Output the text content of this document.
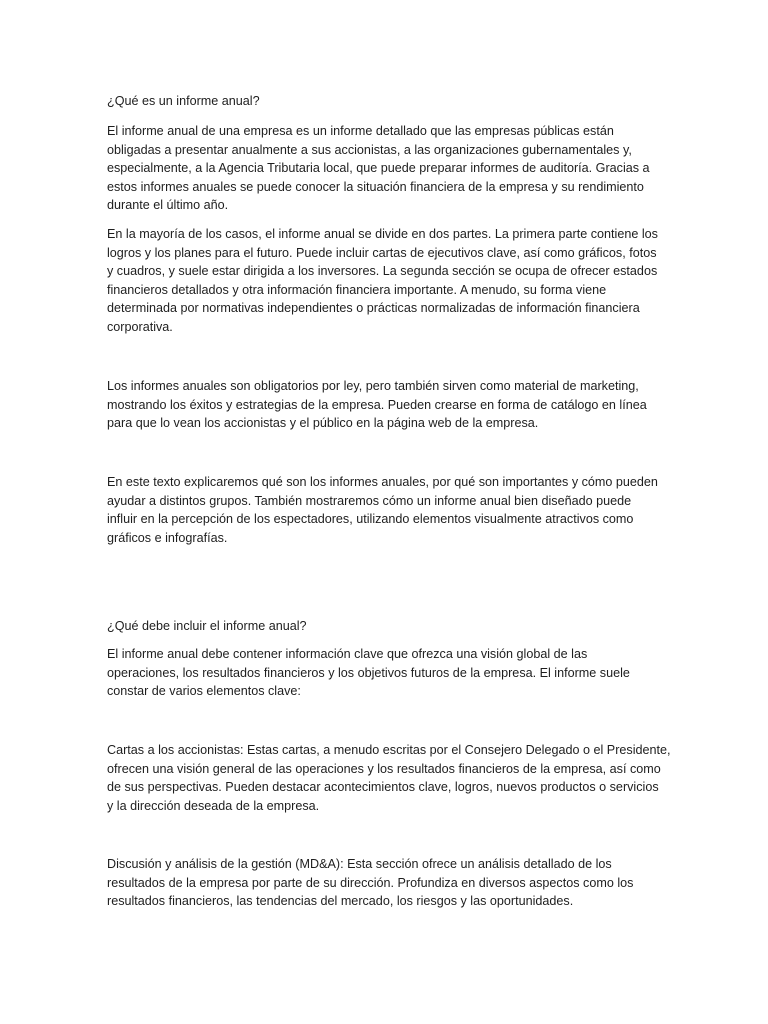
¿Qué es un informe anual?

El informe anual de una empresa es un informe detallado que las empresas públicas están
obligadas a presentar anualmente a sus accionistas, a las organizaciones gubernamentales y,
especialmente, a la Agencia Tributaria local, que puede preparar informes de auditoría. Gracias a
estos informes anuales se puede conocer la situación financiera de la empresa y su rendimiento
durante el último año.

En la mayoría de los casos, el informe anual se divide en dos partes. La primera parte contiene los
logros y los planes para el futuro. Puede incluir cartas de ejecutivos clave, así como gráficos, fotos
y cuadros, y suele estar dirigida a los inversores. La segunda sección se ocupa de ofrecer estados
financieros detallados y otra información financiera importante. A menudo, su forma viene
determinada por normativas independientes o prácticas normalizadas de información financiera
corporativa.

Los informes anuales son obligatorios por ley, pero también sirven como material de marketing,
mostrando los éxitos y estrategias de la empresa. Pueden crearse en forma de catálogo en línea
para que lo vean los accionistas y el público en la página web de la empresa.

En este texto explicaremos qué son los informes anuales, por qué son importantes y cómo pueden
ayudar a distintos grupos. También mostraremos cómo un informe anual bien diseñado puede
influir en la percepción de los espectadores, utilizando elementos visualmente atractivos como
gráficos e infografías.

¿Qué debe incluir el informe anual?

El informe anual debe contener información clave que ofrezca una visión global de las
operaciones, los resultados financieros y los objetivos futuros de la empresa. El informe suele
constar de varios elementos clave:

Cartas a los accionistas: Estas cartas, a menudo escritas por el Consejero Delegado o el Presidente,
ofrecen una visión general de las operaciones y los resultados financieros de la empresa, así como
de sus perspectivas. Pueden destacar acontecimientos clave, logros, nuevos productos o servicios
y la dirección deseada de la empresa.

Discusión y análisis de la gestión (MD&A): Esta sección ofrece un análisis detallado de los
resultados de la empresa por parte de su dirección. Profundiza en diversos aspectos como los
resultados financieros, las tendencias del mercado, los riesgos y las oportunidades.
